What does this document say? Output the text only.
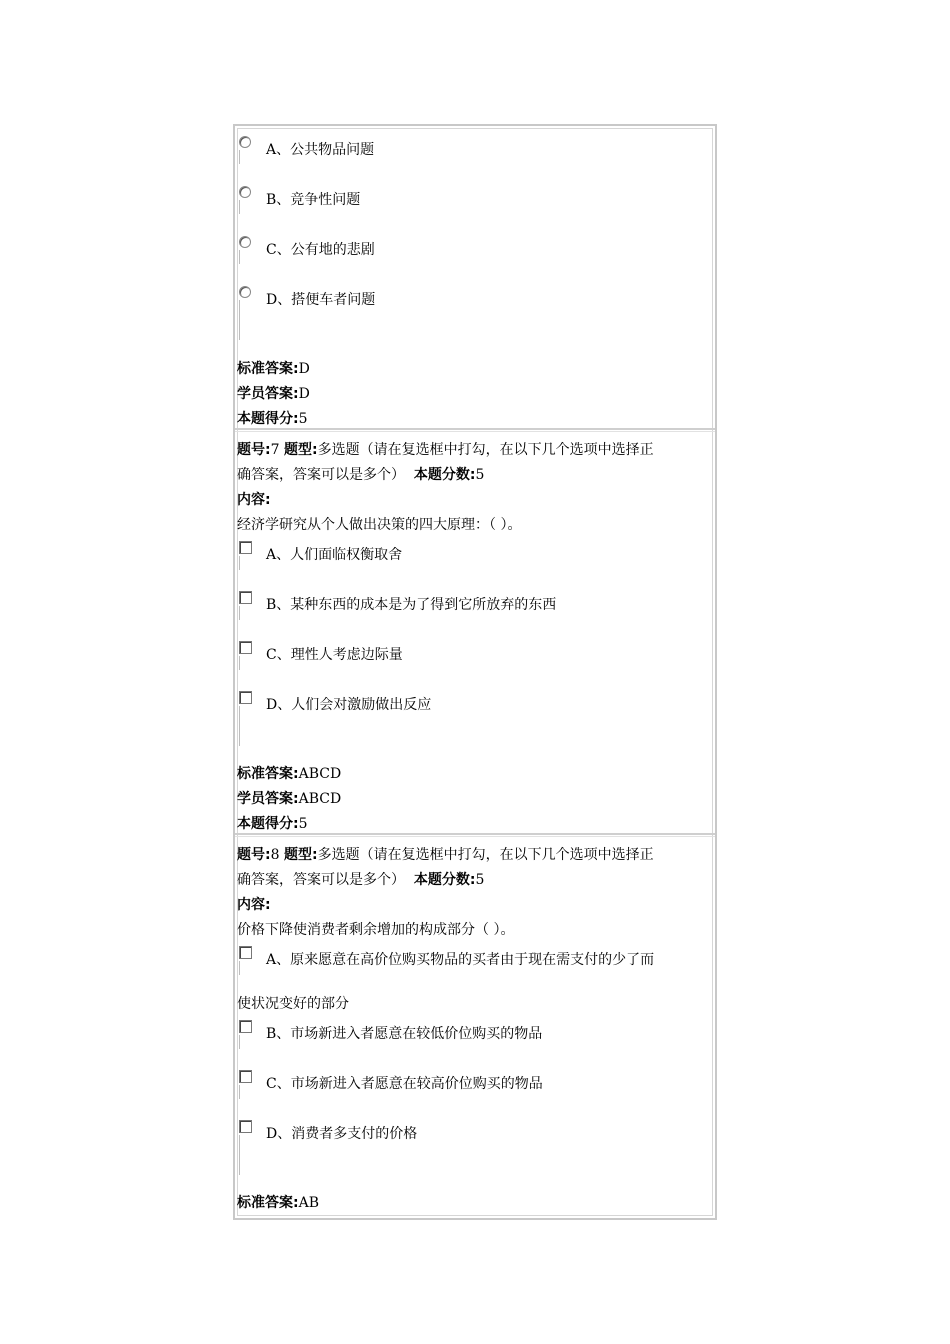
A、公共物品问题
B、竞争性问题
C、公有地的悲剧
D、搭便车者问题
标准答案:D
学员答案:D
本题得分:5
题号:7 题型:多选题（请在复选框中打勾，在以下几个选项中选择正
确答案，答案可以是多个） 本题分数:5
内容:
经济学研究从个人做出决策的四大原理：（ ）。
A、人们面临权衡取舍
B、某种东西的成本是为了得到它所放弃的东西
C、理性人考虑边际量
D、人们会对激励做出反应
标准答案:ABCD
学员答案:ABCD
本题得分:5
题号:8 题型:多选题（请在复选框中打勾，在以下几个选项中选择正
确答案，答案可以是多个） 本题分数:5
内容:
价格下降使消费者剩余增加的构成部分（ ）。
A、原来愿意在高价位购买物品的买者由于现在需支付的少了而
使状况变好的部分
B、市场新进入者愿意在较低价位购买的物品
C、市场新进入者愿意在较高价位购买的物品
D、消费者多支付的价格
标准答案:AB
